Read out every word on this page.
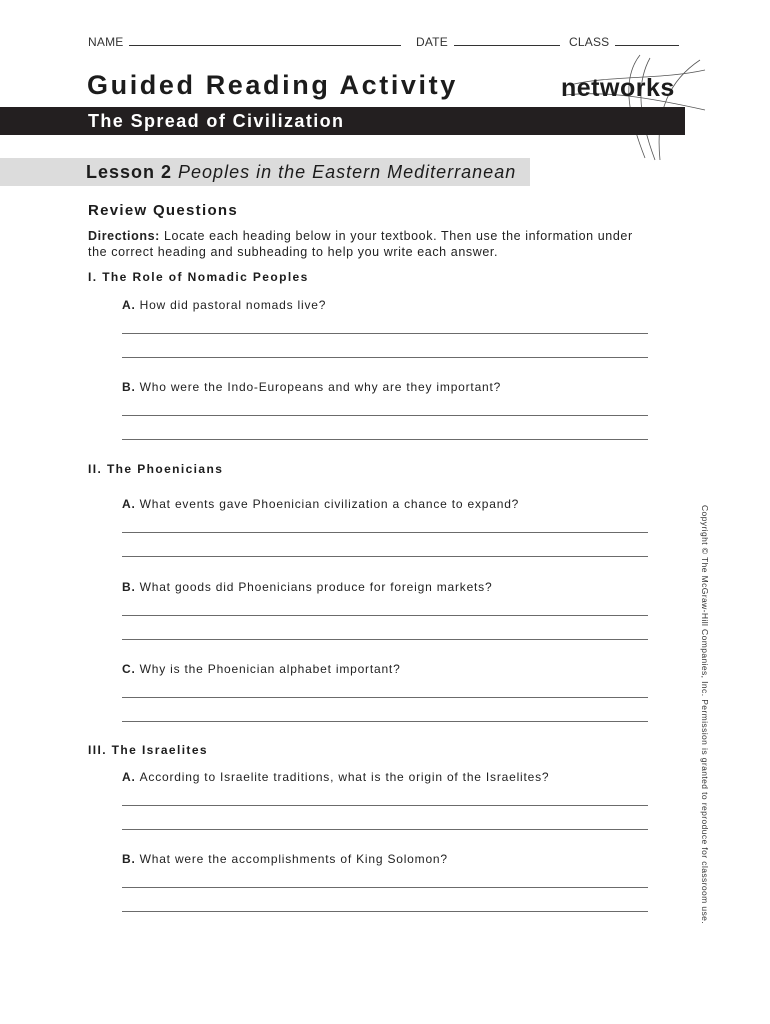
NAME	DATE	CLASS
Guided Reading Activity	networks
The Spread of Civilization
Lesson 2 Peoples in the Eastern Mediterranean
Review Questions
Directions: Locate each heading below in your textbook. Then use the information under the correct heading and subheading to help you write each answer.
I. The Role of Nomadic Peoples
A. How did pastoral nomads live?
B. Who were the Indo-Europeans and why are they important?
II. The Phoenicians
A. What events gave Phoenician civilization a chance to expand?
B. What goods did Phoenicians produce for foreign markets?
C. Why is the Phoenician alphabet important?
III. The Israelites
A. According to Israelite traditions, what is the origin of the Israelites?
B. What were the accomplishments of King Solomon?	Copyright © The McGraw-Hill Companies, Inc. Permission is granted to reproduce for classroom use.
